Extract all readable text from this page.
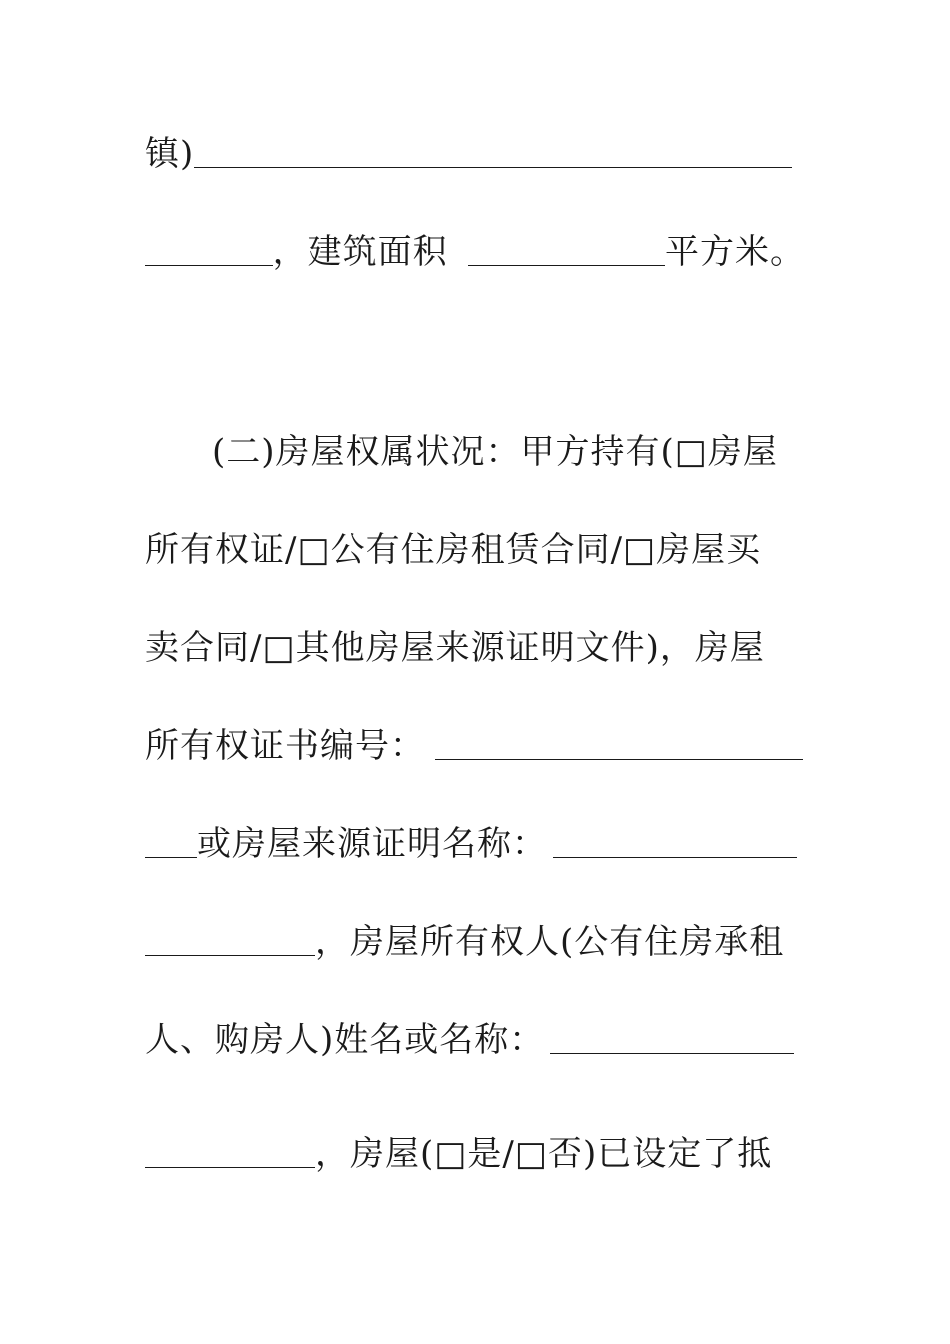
镇)
，建筑面积	平方米。
(二)房屋权属状况：甲方持有(□房屋
所有权证/□公有住房租赁合同/□房屋买
卖合同/□其他房屋来源证明文件)，房屋
所有权证书编号：
或房屋来源证明名称：
，房屋所有权人(公有住房承租
人、购房人)姓名或名称：
，房屋(□是/□否)已设定了抵
